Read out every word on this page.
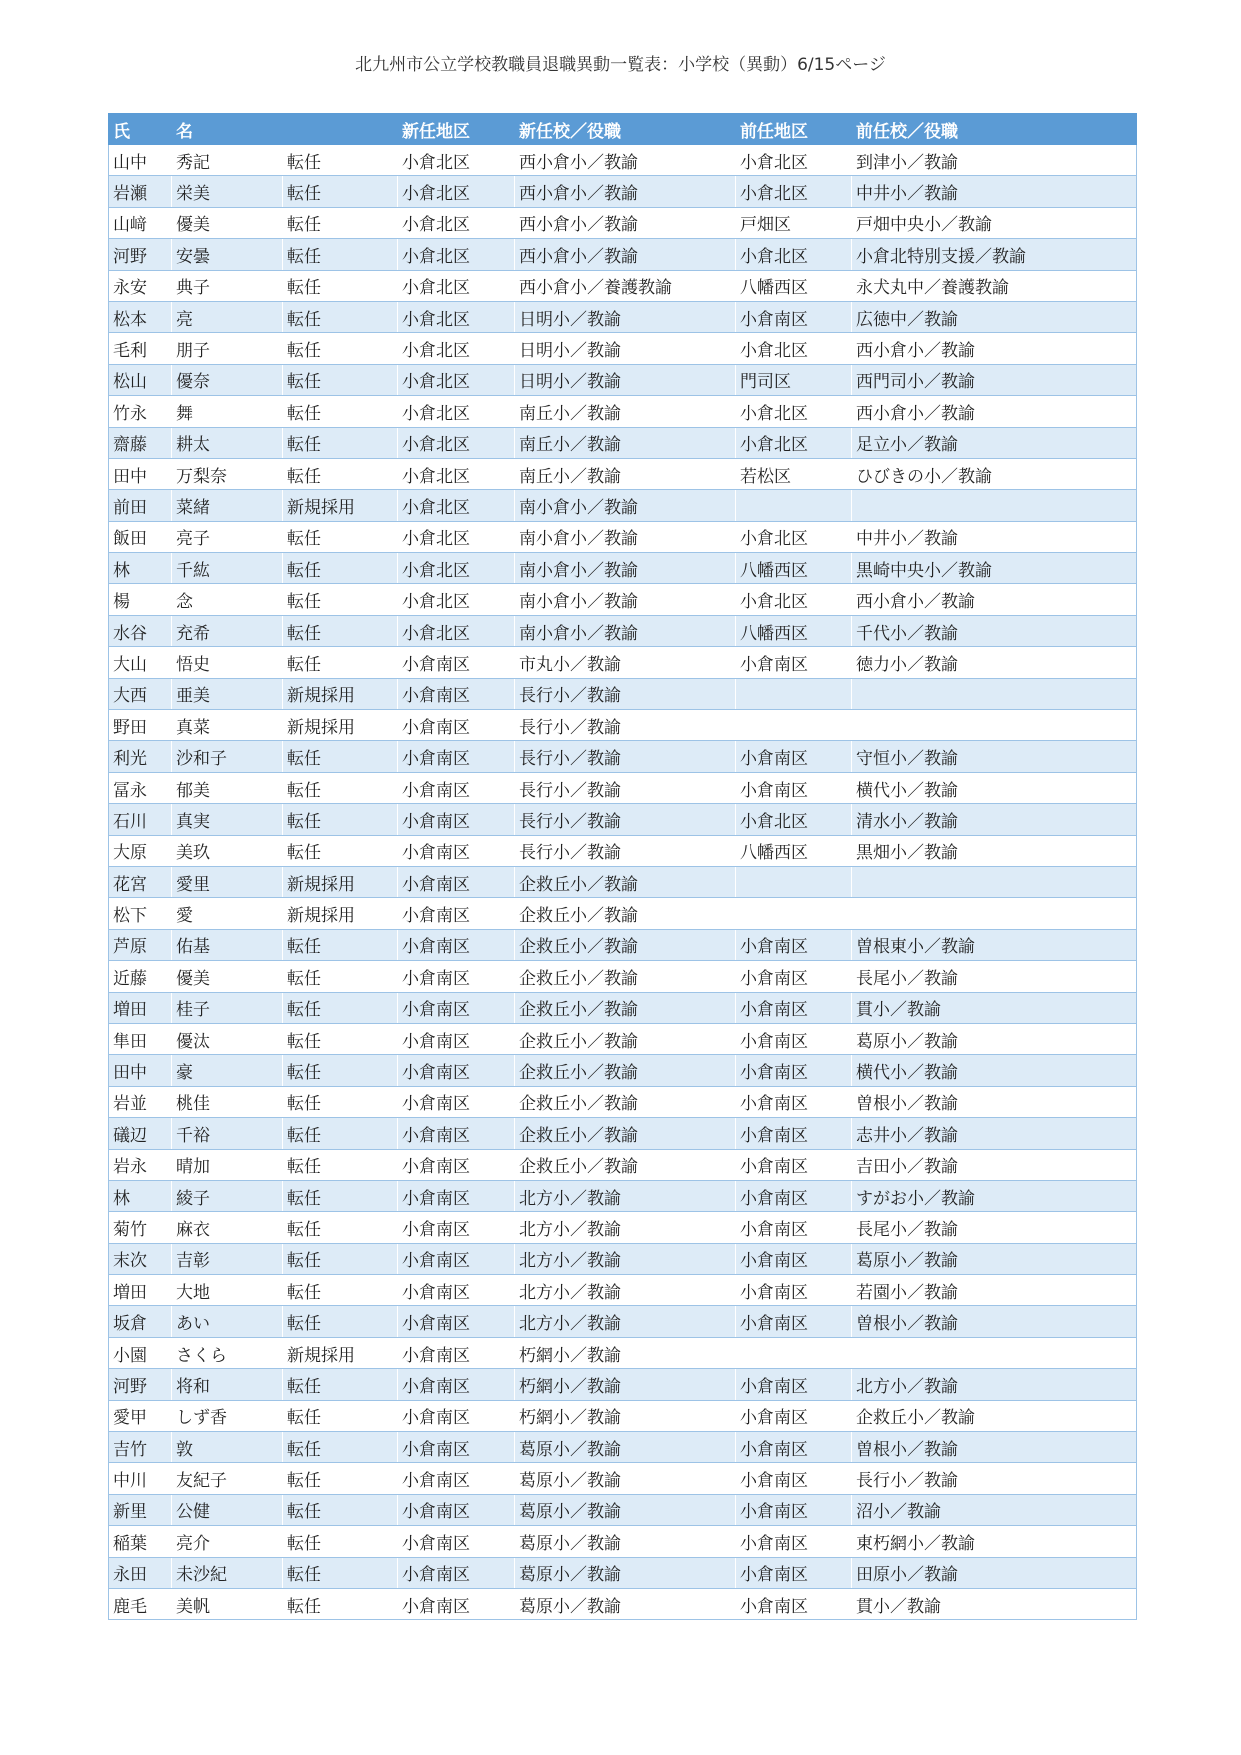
北九州市公立学校教職員退職異動一覧表：小学校（異動）6/15ページ
氏	名		新任地区	新任校／役職	前任地区	前任校／役職
山中	秀記	転任	小倉北区	西小倉小／教諭	小倉北区	到津小／教諭
岩瀬	栄美	転任	小倉北区	西小倉小／教諭	小倉北区	中井小／教諭
山﨑	優美	転任	小倉北区	西小倉小／教諭	戸畑区	戸畑中央小／教諭
河野	安曇	転任	小倉北区	西小倉小／教諭	小倉北区	小倉北特別支援／教諭
永安	典子	転任	小倉北区	西小倉小／養護教諭	八幡西区	永犬丸中／養護教諭
松本	亮	転任	小倉北区	日明小／教諭	小倉南区	広徳中／教諭
毛利	朋子	転任	小倉北区	日明小／教諭	小倉北区	西小倉小／教諭
松山	優奈	転任	小倉北区	日明小／教諭	門司区	西門司小／教諭
竹永	舞	転任	小倉北区	南丘小／教諭	小倉北区	西小倉小／教諭
齋藤	耕太	転任	小倉北区	南丘小／教諭	小倉北区	足立小／教諭
田中	万梨奈	転任	小倉北区	南丘小／教諭	若松区	ひびきの小／教諭
前田	菜緒	新規採用	小倉北区	南小倉小／教諭		
飯田	亮子	転任	小倉北区	南小倉小／教諭	小倉北区	中井小／教諭
林	千紘	転任	小倉北区	南小倉小／教諭	八幡西区	黒崎中央小／教諭
楊	念	転任	小倉北区	南小倉小／教諭	小倉北区	西小倉小／教諭
水谷	充希	転任	小倉北区	南小倉小／教諭	八幡西区	千代小／教諭
大山	悟史	転任	小倉南区	市丸小／教諭	小倉南区	徳力小／教諭
大西	亜美	新規採用	小倉南区	長行小／教諭		
野田	真菜	新規採用	小倉南区	長行小／教諭		
利光	沙和子	転任	小倉南区	長行小／教諭	小倉南区	守恒小／教諭
冨永	郁美	転任	小倉南区	長行小／教諭	小倉南区	横代小／教諭
石川	真実	転任	小倉南区	長行小／教諭	小倉北区	清水小／教諭
大原	美玖	転任	小倉南区	長行小／教諭	八幡西区	黒畑小／教諭
花宮	愛里	新規採用	小倉南区	企救丘小／教諭		
松下	愛	新規採用	小倉南区	企救丘小／教諭		
芦原	佑基	転任	小倉南区	企救丘小／教諭	小倉南区	曽根東小／教諭
近藤	優美	転任	小倉南区	企救丘小／教諭	小倉南区	長尾小／教諭
増田	桂子	転任	小倉南区	企救丘小／教諭	小倉南区	貫小／教諭
隼田	優汰	転任	小倉南区	企救丘小／教諭	小倉南区	葛原小／教諭
田中	豪	転任	小倉南区	企救丘小／教諭	小倉南区	横代小／教諭
岩並	桃佳	転任	小倉南区	企救丘小／教諭	小倉南区	曽根小／教諭
礒辺	千裕	転任	小倉南区	企救丘小／教諭	小倉南区	志井小／教諭
岩永	晴加	転任	小倉南区	企救丘小／教諭	小倉南区	吉田小／教諭
林	綾子	転任	小倉南区	北方小／教諭	小倉南区	すがお小／教諭
菊竹	麻衣	転任	小倉南区	北方小／教諭	小倉南区	長尾小／教諭
末次	吉彰	転任	小倉南区	北方小／教諭	小倉南区	葛原小／教諭
増田	大地	転任	小倉南区	北方小／教諭	小倉南区	若園小／教諭
坂倉	あい	転任	小倉南区	北方小／教諭	小倉南区	曽根小／教諭
小園	さくら	新規採用	小倉南区	朽網小／教諭		
河野	将和	転任	小倉南区	朽網小／教諭	小倉南区	北方小／教諭
愛甲	しず香	転任	小倉南区	朽網小／教諭	小倉南区	企救丘小／教諭
吉竹	敦	転任	小倉南区	葛原小／教諭	小倉南区	曽根小／教諭
中川	友紀子	転任	小倉南区	葛原小／教諭	小倉南区	長行小／教諭
新里	公健	転任	小倉南区	葛原小／教諭	小倉南区	沼小／教諭
稲葉	亮介	転任	小倉南区	葛原小／教諭	小倉南区	東朽網小／教諭
永田	未沙紀	転任	小倉南区	葛原小／教諭	小倉南区	田原小／教諭
鹿毛	美帆	転任	小倉南区	葛原小／教諭	小倉南区	貫小／教諭
